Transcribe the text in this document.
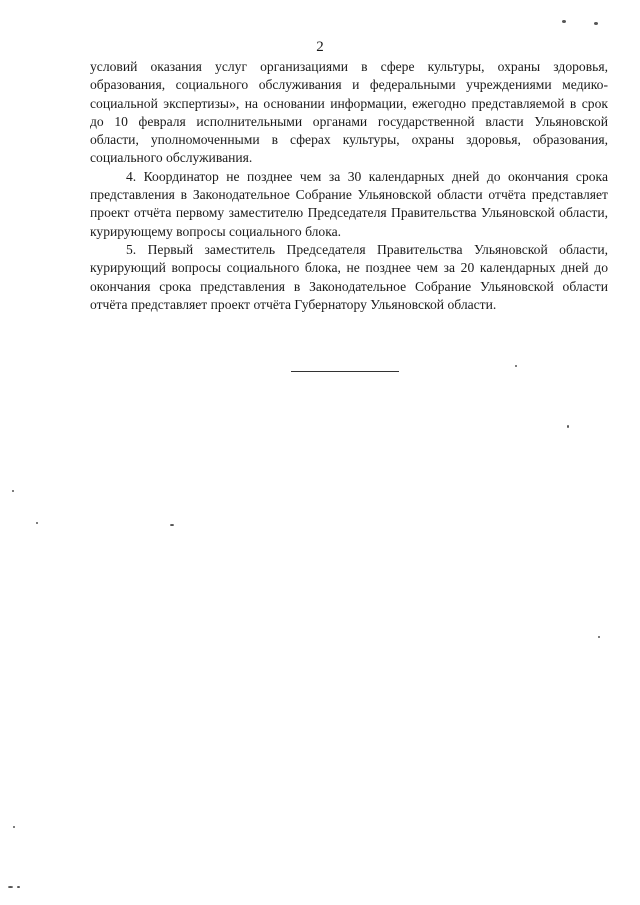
2

условий оказания услуг организациями в сфере культуры, охраны здоровья, образования, социального обслуживания и федеральными учреждениями медико-социальной экспертизы», на основании информации, ежегодно представляемой в срок до 10 февраля исполнительными органами государственной власти Ульяновской области, уполномоченными в сферах культуры, охраны здоровья, образования, социального обслуживания.

4. Координатор не позднее чем за 30 календарных дней до окончания срока представления в Законодательное Собрание Ульяновской области отчёта представляет проект отчёта первому заместителю Председателя Правительства Ульяновской области, курирующему вопросы социального блока.

5. Первый заместитель Председателя Правительства Ульяновской области, курирующий вопросы социального блока, не позднее чем за 20 календарных дней до окончания срока представления в Законодательное Собрание Ульяновской области отчёта представляет проект отчёта Губернатору Ульяновской области.
